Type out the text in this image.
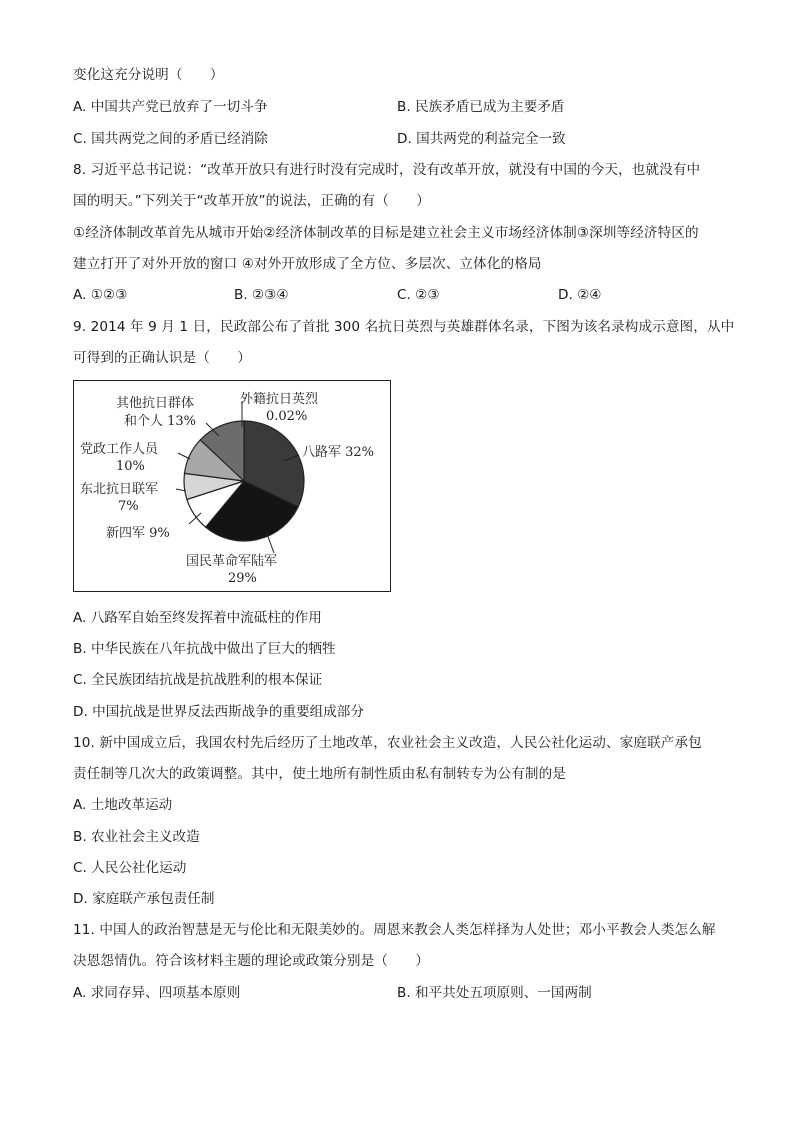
变化这充分说明（　　）
A. 中国共产党已放弃了一切斗争	B. 民族矛盾已成为主要矛盾
C. 国共两党之间的矛盾已经消除	D. 国共两党的利益完全一致
8. 习近平总书记说：“改革开放只有进行时没有完成时，没有改革开放，就没有中国的今天，也就没有中
国的明天。”下列关于“改革开放”的说法，正确的有（　　）
①经济体制改革首先从城市开始②经济体制改革的目标是建立社会主义市场经济体制③深圳等经济特区的
建立打开了对外开放的窗口 ④对外开放形成了全方位、多层次、立体化的格局
A. ①②③	B. ②③④	C. ②③	D. ②④
9. 2014 年 9 月 1 日，民政部公布了首批 300 名抗日英烈与英雄群体名录，下图为该名录构成示意图，从中
可得到的正确认识是（　　）
外籍抗日英烈
0.02%
八路军 32%
国民革命军陆军
29%
新四军 9%
东北抗日联军
7%
党政工作人员
10%
其他抗日群体
和个人 13%
A. 八路军自始至终发挥着中流砥柱的作用
B. 中华民族在八年抗战中做出了巨大的牺牲
C. 全民族团结抗战是抗战胜利的根本保证
D. 中国抗战是世界反法西斯战争的重要组成部分
10. 新中国成立后，我国农村先后经历了土地改革，农业社会主义改造，人民公社化运动、家庭联产承包
责任制等几次大的政策调整。其中，使土地所有制性质由私有制转专为公有制的是
A. 土地改革运动
B. 农业社会主义改造
C. 人民公社化运动
D. 家庭联产承包责任制
11. 中国人的政治智慧是无与伦比和无限美妙的。周恩来教会人类怎样择为人处世；邓小平教会人类怎么解
决恩怨情仇。符合该材料主题的理论或政策分别是（　　）
A. 求同存异、四项基本原则	B. 和平共处五项原则、一国两制
